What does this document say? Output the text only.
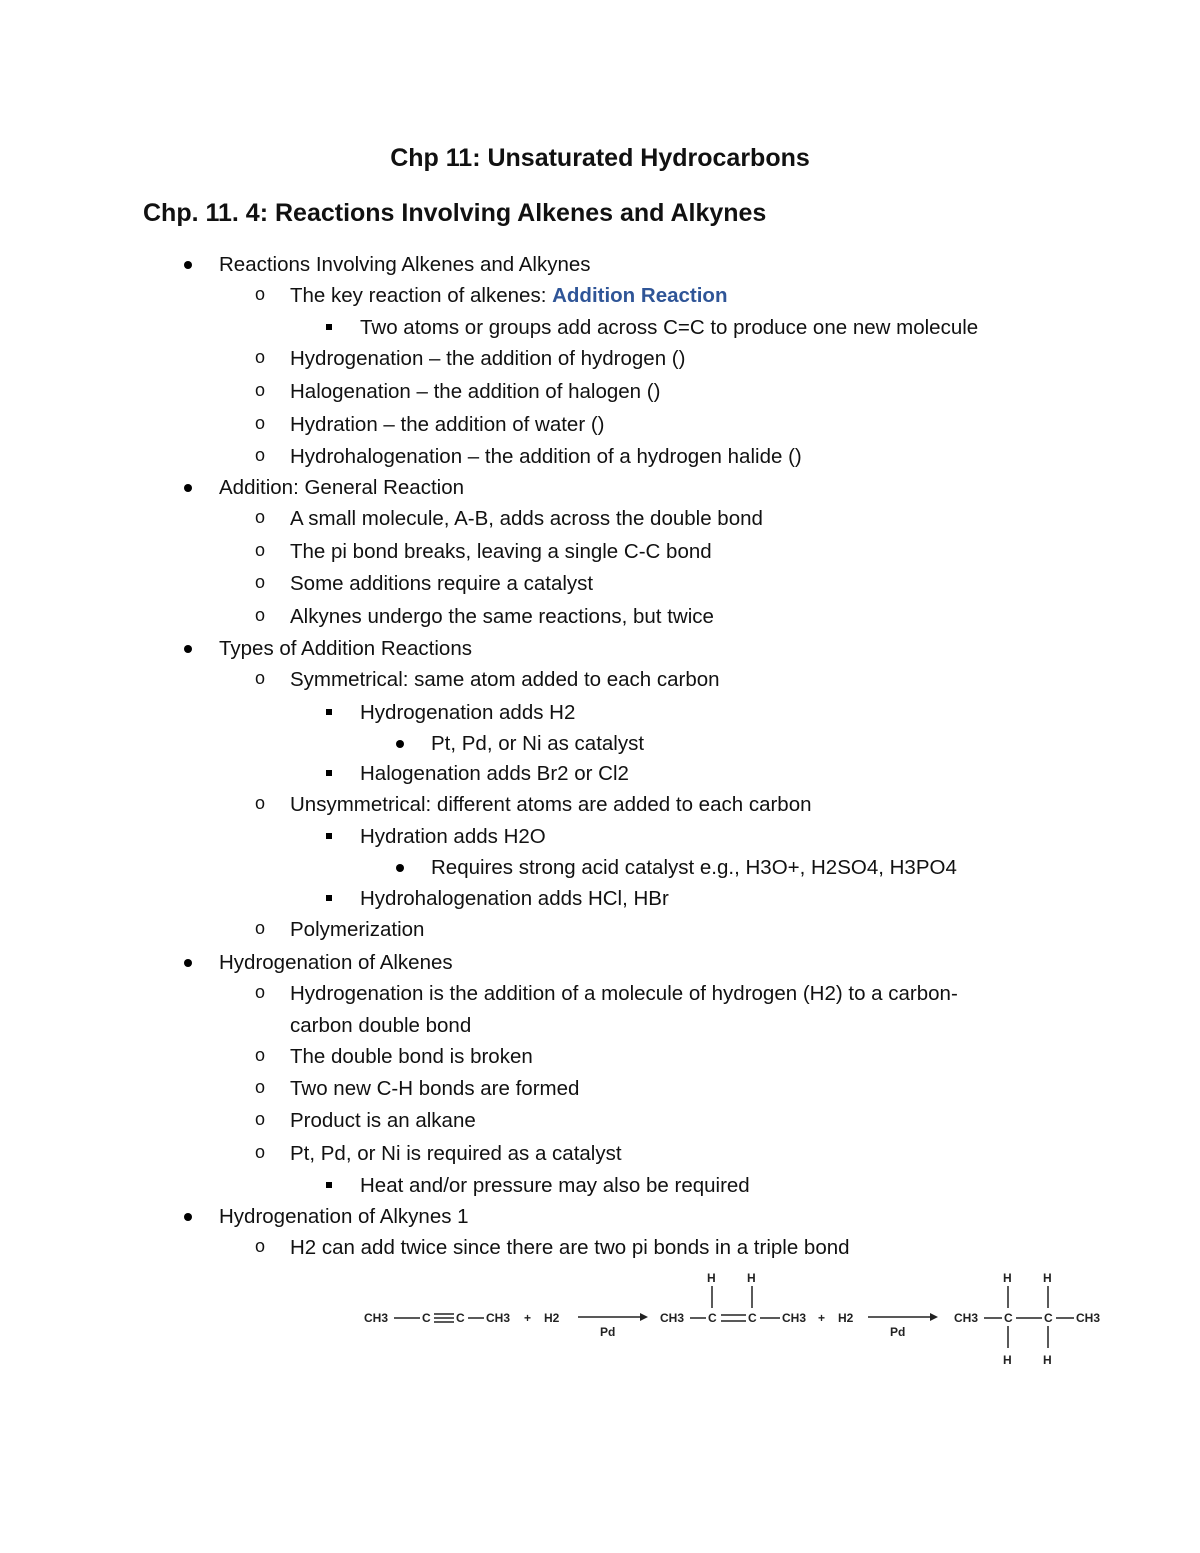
Chp 11: Unsaturated Hydrocarbons
Chp. 11. 4: Reactions Involving Alkenes and Alkynes
Reactions Involving Alkenes and Alkynes
o The key reaction of alkenes: Addition Reaction
Two atoms or groups add across C=C to produce one new molecule
o Hydrogenation – the addition of hydrogen ()
o Halogenation – the addition of halogen ()
o Hydration – the addition of water ()
o Hydrohalogenation – the addition of a hydrogen halide ()
Addition: General Reaction
o A small molecule, A-B, adds across the double bond
o The pi bond breaks, leaving a single C-C bond
o Some additions require a catalyst
o Alkynes undergo the same reactions, but twice
Types of Addition Reactions
o Symmetrical: same atom added to each carbon
Hydrogenation adds H2
Pt, Pd, or Ni as catalyst
Halogenation adds Br2 or Cl2
o Unsymmetrical: different atoms are added to each carbon
Hydration adds H2O
Requires strong acid catalyst e.g., H3O+, H2SO4, H3PO4
Hydrohalogenation adds HCl, HBr
o Polymerization
Hydrogenation of Alkenes
o Hydrogenation is the addition of a molecule of hydrogen (H2) to a carbon-
carbon double bond
o The double bond is broken
o Two new C-H bonds are formed
o Product is an alkane
o Pt, Pd, or Ni is required as a catalyst
Heat and/or pressure may also be required
Hydrogenation of Alkynes 1
o H2 can add twice since there are two pi bonds in a triple bond
CH3	C C CH3 + H2
Pd
CH3 C	C CH3
H	H
+ H2
Pd
CH3 C	C CH3
H	H
H	H
